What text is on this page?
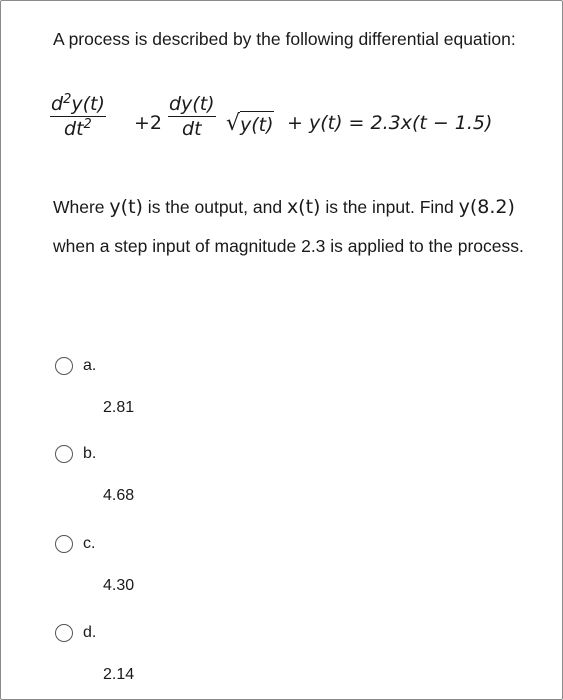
A process is described by the following differential equation:
$d^2y(t)$
$dt^2 +2$
dy(t)
dt √ y(t) + y(t) = 2.3x(t − 1.5)
Where y(t) is the output, and x(t) is the input. Find y(8.2) when a step input of magnitude 2.3 is applied to the process.
a.
2.81
b.
4.68
c.
4.30
d.
2.14
